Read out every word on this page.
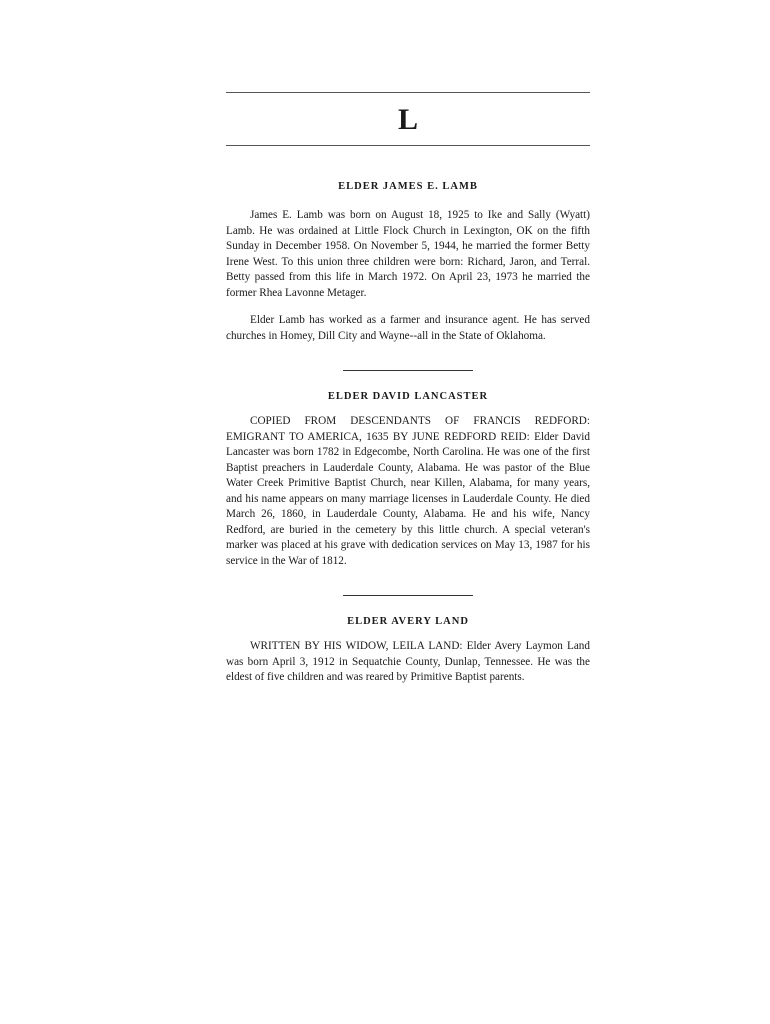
L
ELDER JAMES E. LAMB

James E. Lamb was born on August 18, 1925 to Ike and Sally (Wyatt) Lamb. He was ordained at Little Flock Church in Lexington, OK on the fifth Sunday in December 1958. On November 5, 1944, he married the former Betty Irene West. To this union three children were born: Richard, Jaron, and Terral. Betty passed from this life in March 1972. On April 23, 1973 he married the former Rhea Lavonne Metager.

Elder Lamb has worked as a farmer and insurance agent. He has served churches in Homey, Dill City and Wayne--all in the State of Oklahoma.

ELDER DAVID LANCASTER

COPIED FROM DESCENDANTS OF FRANCIS REDFORD: EMIGRANT TO AMERICA, 1635 BY JUNE REDFORD REID: Elder David Lancaster was born 1782 in Edgecombe, North Carolina. He was one of the first Baptist preachers in Lauderdale County, Alabama. He was pastor of the Blue Water Creek Primitive Baptist Church, near Killen, Alabama, for many years, and his name appears on many marriage licenses in Lauderdale County. He died March 26, 1860, in Lauderdale County, Alabama. He and his wife, Nancy Redford, are buried in the cemetery by this little church. A special veteran's marker was placed at his grave with dedication services on May 13, 1987 for his service in the War of 1812.

ELDER AVERY LAND

WRITTEN BY HIS WIDOW, LEILA LAND: Elder Avery Laymon Land was born April 3, 1912 in Sequatchie County, Dunlap, Tennessee. He was the eldest of five children and was reared by Primitive Baptist parents.
